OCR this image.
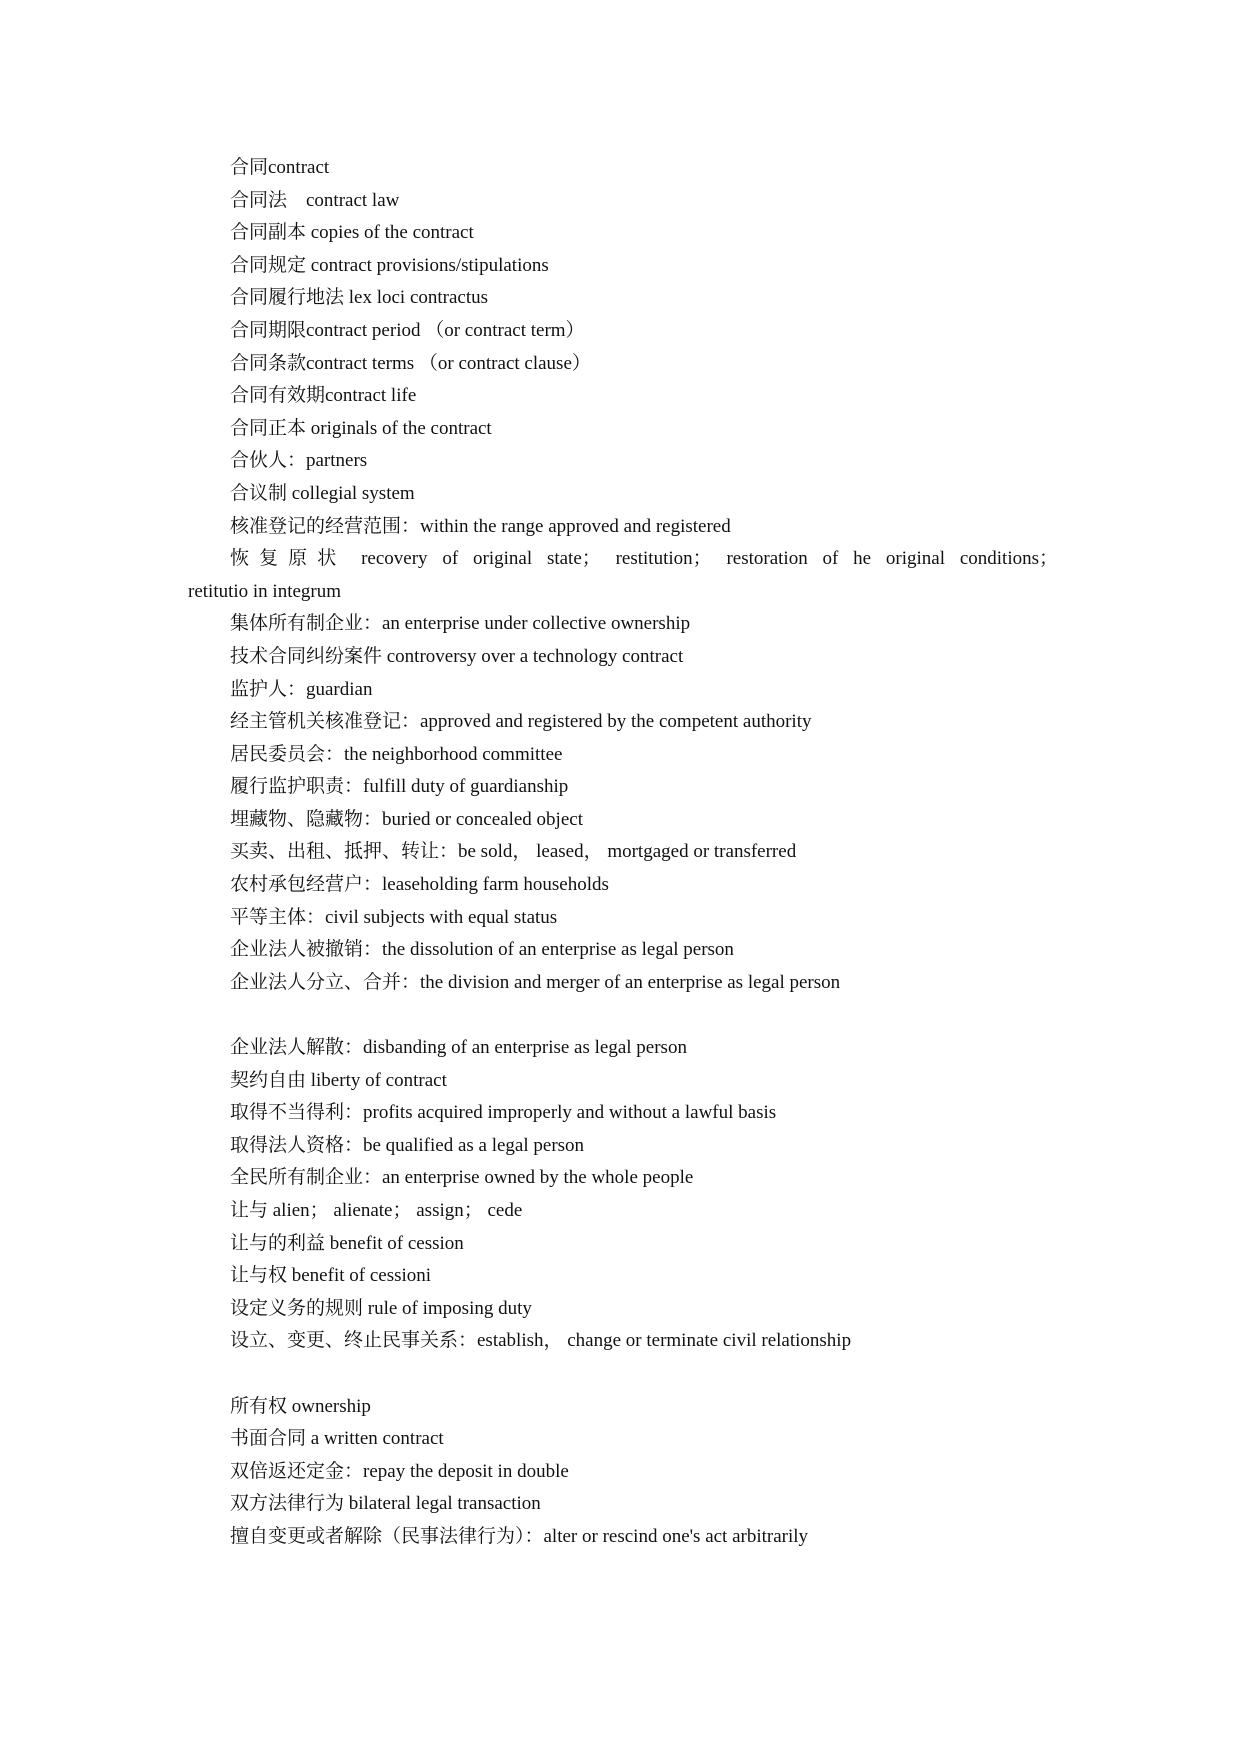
合同contract
合同法　contract law
合同副本 copies of the contract
合同规定 contract provisions/stipulations
合同履行地法 lex loci contractus
合同期限contract period （or contract term）
合同条款contract terms （or contract clause）
合同有效期contract life
合同正本 originals of the contract
合伙人：partners
合议制 collegial system
核准登记的经营范围：within the range approved and registered
恢复原状 recovery of original state； restitution； restoration of he original conditions；
retitutio in integrum
集体所有制企业：an enterprise under collective ownership
技术合同纠纷案件 controversy over a technology contract
监护人：guardian
经主管机关核准登记：approved and registered by the competent authority
居民委员会：the neighborhood committee
履行监护职责：fulfill duty of guardianship
埋藏物、隐藏物：buried or concealed object
买卖、出租、抵押、转让：be sold， leased， mortgaged or transferred
农村承包经营户：leaseholding farm households
平等主体：civil subjects with equal status
企业法人被撤销：the dissolution of an enterprise as legal person
企业法人分立、合并：the division and merger of an enterprise as legal person
企业法人解散：disbanding of an enterprise as legal person
契约自由 liberty of contract
取得不当得利：profits acquired improperly and without a lawful basis
取得法人资格：be qualified as a legal person
全民所有制企业：an enterprise owned by the whole people
让与 alien； alienate； assign； cede
让与的利益 benefit of cession
让与权 benefit of cessioni
设定义务的规则 rule of imposing duty
设立、变更、终止民事关系：establish， change or terminate civil relationship
所有权 ownership
书面合同 a written contract
双倍返还定金：repay the deposit in double
双方法律行为 bilateral legal transaction
擅自变更或者解除（民事法律行为）：alter or rescind one's act arbitrarily
